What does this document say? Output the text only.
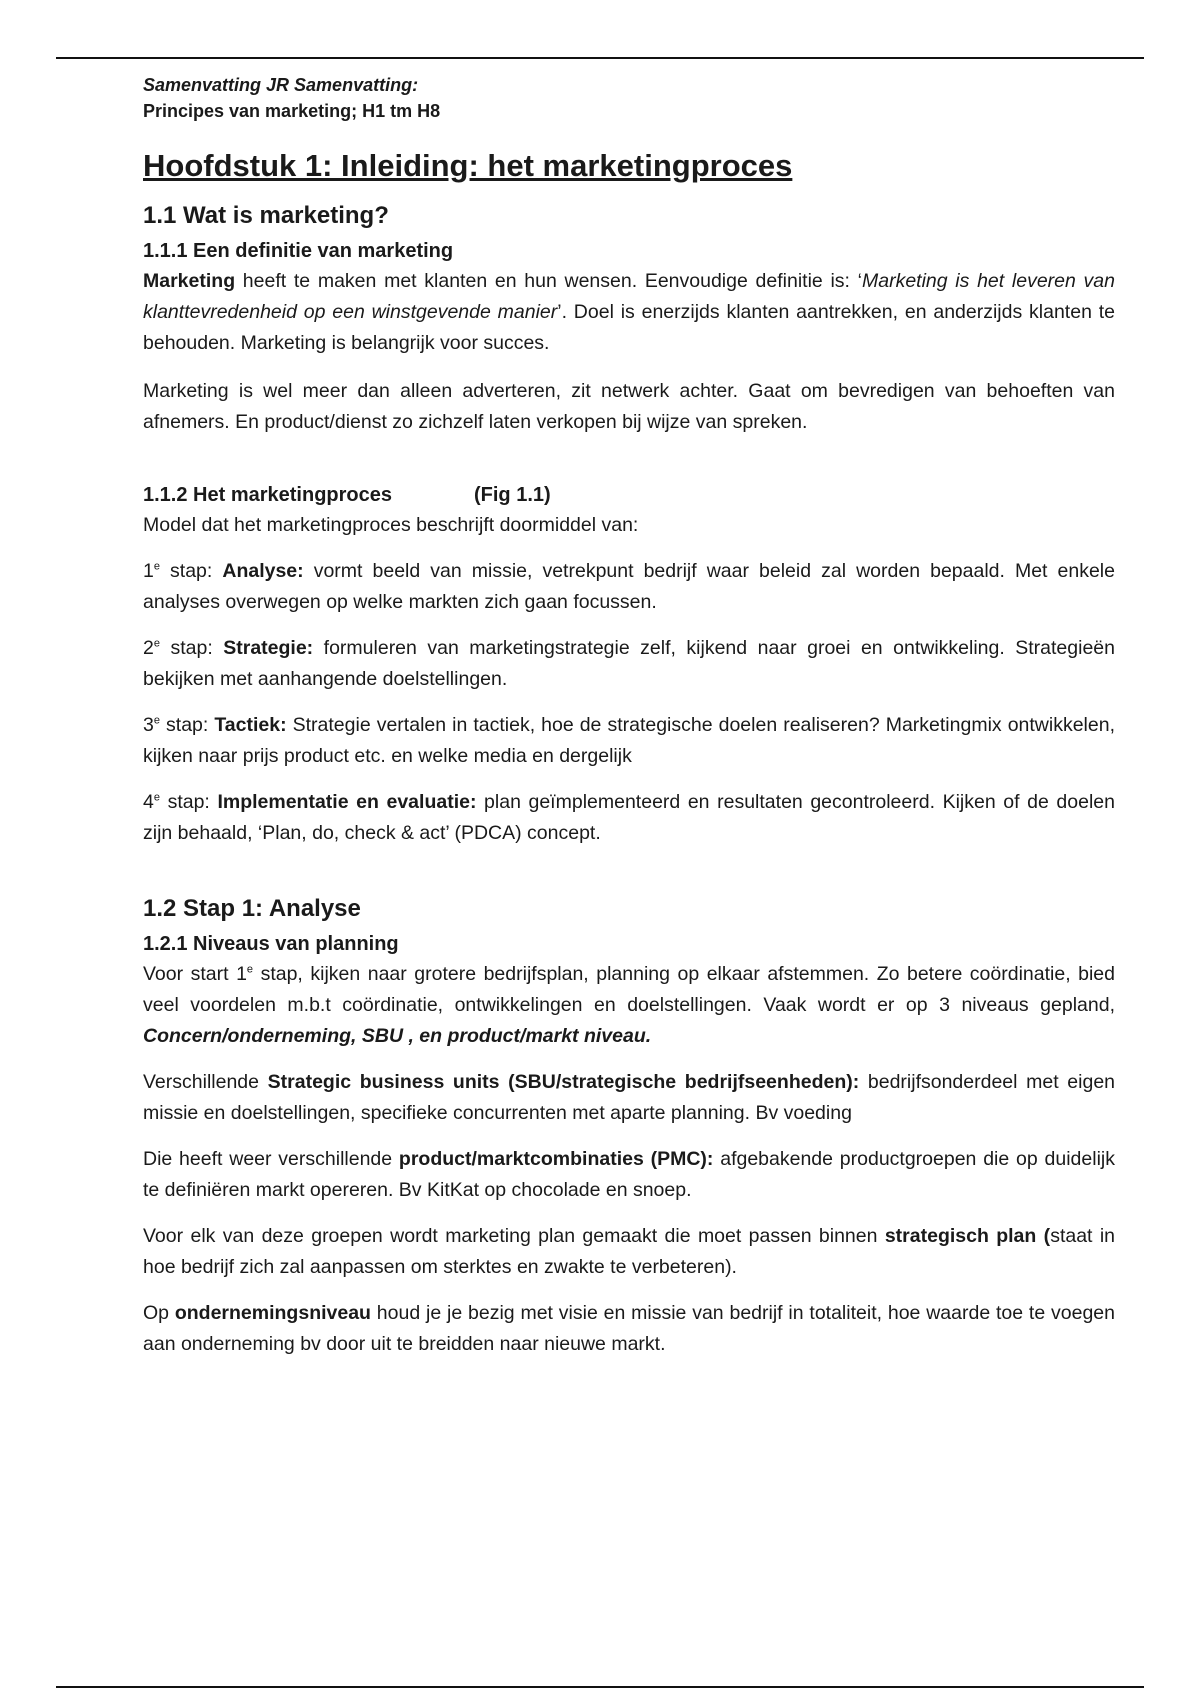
Samenvatting JR Samenvatting:
Principes van marketing; H1 tm H8
Hoofdstuk 1: Inleiding: het marketingproces
1.1 Wat is marketing?
1.1.1 Een definitie van marketing

Marketing heeft te maken met klanten en hun wensen. Eenvoudige definitie is: ‘Marketing is het leveren van klanttevredenheid op een winstgevende manier’. Doel is enerzijds klanten aantrekken, en anderzijds klanten te behouden. Marketing is belangrijk voor succes.

Marketing is wel meer dan alleen adverteren, zit netwerk achter. Gaat om bevredigen van behoeften van afnemers. En product/dienst zo zichzelf laten verkopen bij wijze van spreken.

1.1.2 Het marketingproces	(Fig 1.1)

Model dat het marketingproces beschrijft doormiddel van:

1e stap: Analyse: vormt beeld van missie, vetrekpunt bedrijf waar beleid zal worden bepaald. Met enkele analyses overwegen op welke markten zich gaan focussen.

2e stap: Strategie: formuleren van marketingstrategie zelf, kijkend naar groei en ontwikkeling. Strategieën bekijken met aanhangende doelstellingen.

3e stap: Tactiek: Strategie vertalen in tactiek, hoe de strategische doelen realiseren? Marketingmix ontwikkelen, kijken naar prijs product etc. en welke media en dergelijk

4e stap: Implementatie en evaluatie: plan geïmplementeerd en resultaten gecontroleerd. Kijken of de doelen zijn behaald, ‘Plan, do, check & act’ (PDCA) concept.

1.2 Stap 1: Analyse
1.2.1 Niveaus van planning

Voor start 1e stap, kijken naar grotere bedrijfsplan, planning op elkaar afstemmen. Zo betere coördinatie, bied veel voordelen m.b.t coördinatie, ontwikkelingen en doelstellingen. Vaak wordt er op 3 niveaus gepland, Concern/onderneming, SBU , en product/markt niveau.

Verschillende Strategic business units (SBU/strategische bedrijfseenheden): bedrijfsonderdeel met eigen missie en doelstellingen, specifieke concurrenten met aparte planning. Bv voeding

Die heeft weer verschillende product/marktcombinaties (PMC): afgebakende productgroepen die op duidelijk te definiëren markt opereren. Bv KitKat op chocolade en snoep.

Voor elk van deze groepen wordt marketing plan gemaakt die moet passen binnen strategisch plan (staat in hoe bedrijf zich zal aanpassen om sterktes en zwakte te verbeteren).

Op ondernemingsniveau houd je je bezig met visie en missie van bedrijf in totaliteit, hoe waarde toe te voegen aan onderneming bv door uit te breidden naar nieuwe markt.
